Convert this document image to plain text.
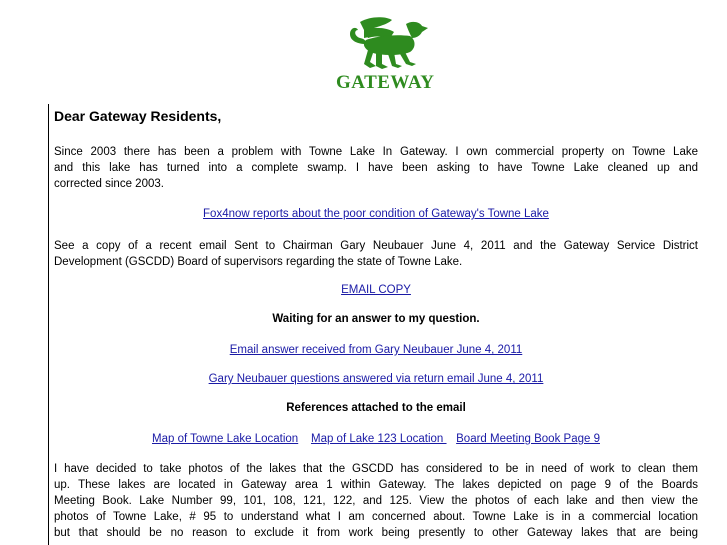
GATEWAY
Dear Gateway Residents,
Since 2003 there has been a problem with Towne Lake In Gateway. I own commercial property on Towne Lake
and this lake has turned into a complete swamp. I have been asking to have Towne Lake cleaned up and
corrected since 2003.
Fox4now reports about the poor condition of Gateway's Towne Lake
See a copy of a recent email Sent to Chairman Gary Neubauer June 4, 2011 and the Gateway Service District
Development (GSCDD) Board of supervisors regarding the state of Towne Lake.
EMAIL COPY
Waiting for an answer to my question.
Email answer received from Gary Neubauer June 4, 2011
Gary Neubauer questions answered via return email June 4, 2011
References attached to the email
Map of Towne Lake Location Map of Lake 123 Location    Board Meeting Book Page 9
I have decided to take photos of the lakes that the GSCDD has considered to be in need of work to clean them
up. These lakes are located in Gateway area 1 within Gateway. The lakes depicted on page 9 of the Boards
Meeting Book. Lake Number 99, 101, 108, 121, 122, and 125. View the photos of each lake and then view the
photos of Towne Lake, # 95 to understand what I am concerned about. Towne Lake is in a commercial location
but that should be no reason to exclude it from work being presently to other Gateway lakes that are being
